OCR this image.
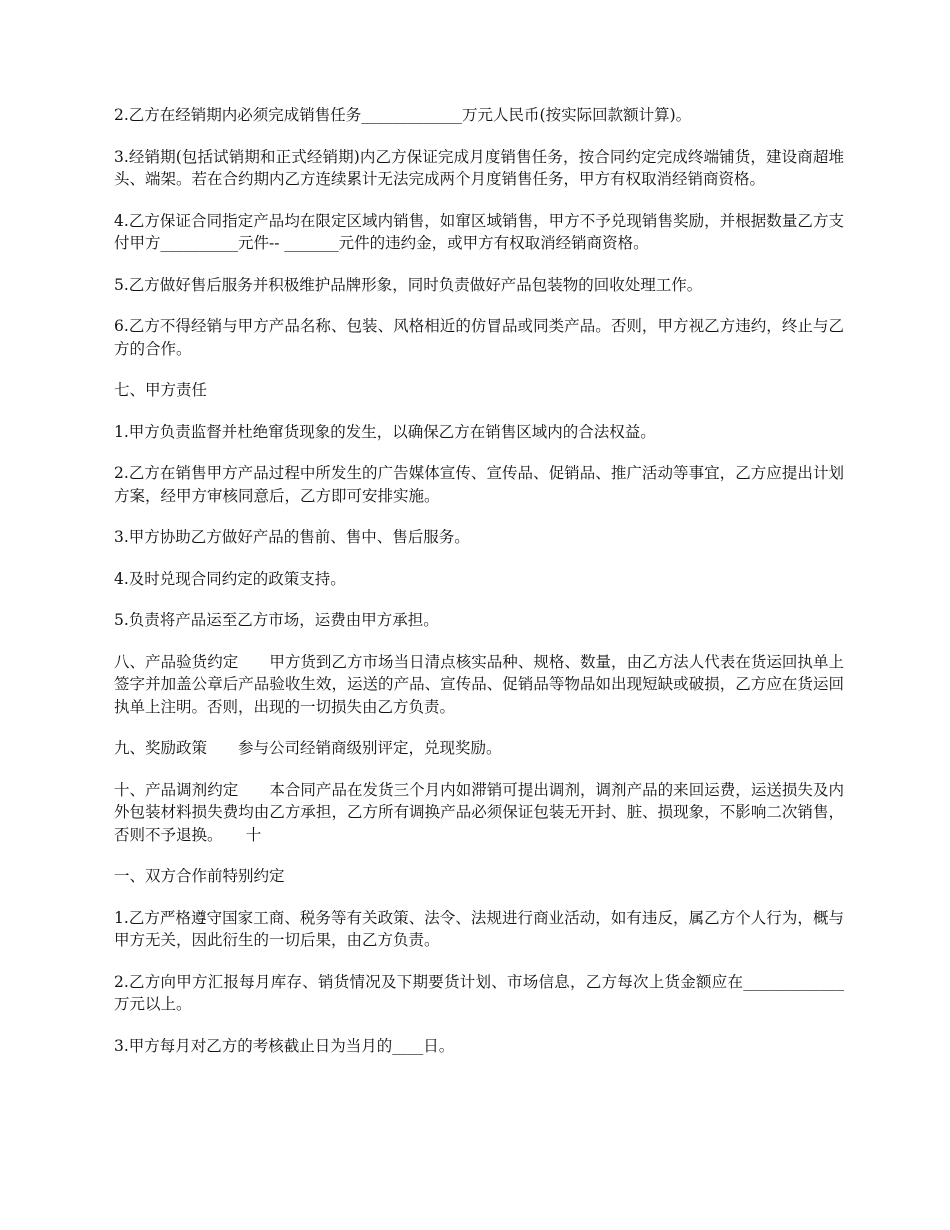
2.乙方在经销期内必须完成销售任务_____________万元人民币(按实际回款额计算)。

3.经销期(包括试销期和正式经销期)内乙方保证完成月度销售任务，按合同约定完成终端铺货，建设商超堆头、端架。若在合约期内乙方连续累计无法完成两个月度销售任务，甲方有权取消经销商资格。

4.乙方保证合同指定产品均在限定区域内销售，如窜区域销售，甲方不予兑现销售奖励，并根据数量乙方支付甲方__________元件-- _______元件的违约金，或甲方有权取消经销商资格。

5.乙方做好售后服务并积极维护品牌形象，同时负责做好产品包装物的回收处理工作。

6.乙方不得经销与甲方产品名称、包装、风格相近的仿冒品或同类产品。否则，甲方视乙方违约，终止与乙方的合作。

七、甲方责任

1.甲方负责监督并杜绝窜货现象的发生，以确保乙方在销售区域内的合法权益。

2.乙方在销售甲方产品过程中所发生的广告媒体宣传、宣传品、促销品、推广活动等事宜，乙方应提出计划方案，经甲方审核同意后，乙方即可安排实施。

3.甲方协助乙方做好产品的售前、售中、售后服务。

4.及时兑现合同约定的政策支持。

5.负责将产品运至乙方市场，运费由甲方承担。

八、产品验货约定　　甲方货到乙方市场当日清点核实品种、规格、数量，由乙方法人代表在货运回执单上签字并加盖公章后产品验收生效，运送的产品、宣传品、促销品等物品如出现短缺或破损，乙方应在货运回执单上注明。否则，出现的一切损失由乙方负责。

九、奖励政策　　参与公司经销商级别评定，兑现奖励。

十、产品调剂约定　　本合同产品在发货三个月内如滞销可提出调剂，调剂产品的来回运费，运送损失及内外包装材料损失费均由乙方承担，乙方所有调换产品必须保证包装无开封、脏、损现象，不影响二次销售，否则不予退换。　　十

一、双方合作前特别约定

1.乙方严格遵守国家工商、税务等有关政策、法令、法规进行商业活动，如有违反，属乙方个人行为，概与甲方无关，因此衍生的一切后果，由乙方负责。

2.乙方向甲方汇报每月库存、销货情况及下期要货计划、市场信息，乙方每次上货金额应在_____________万元以上。

3.甲方每月对乙方的考核截止日为当月的____日。
